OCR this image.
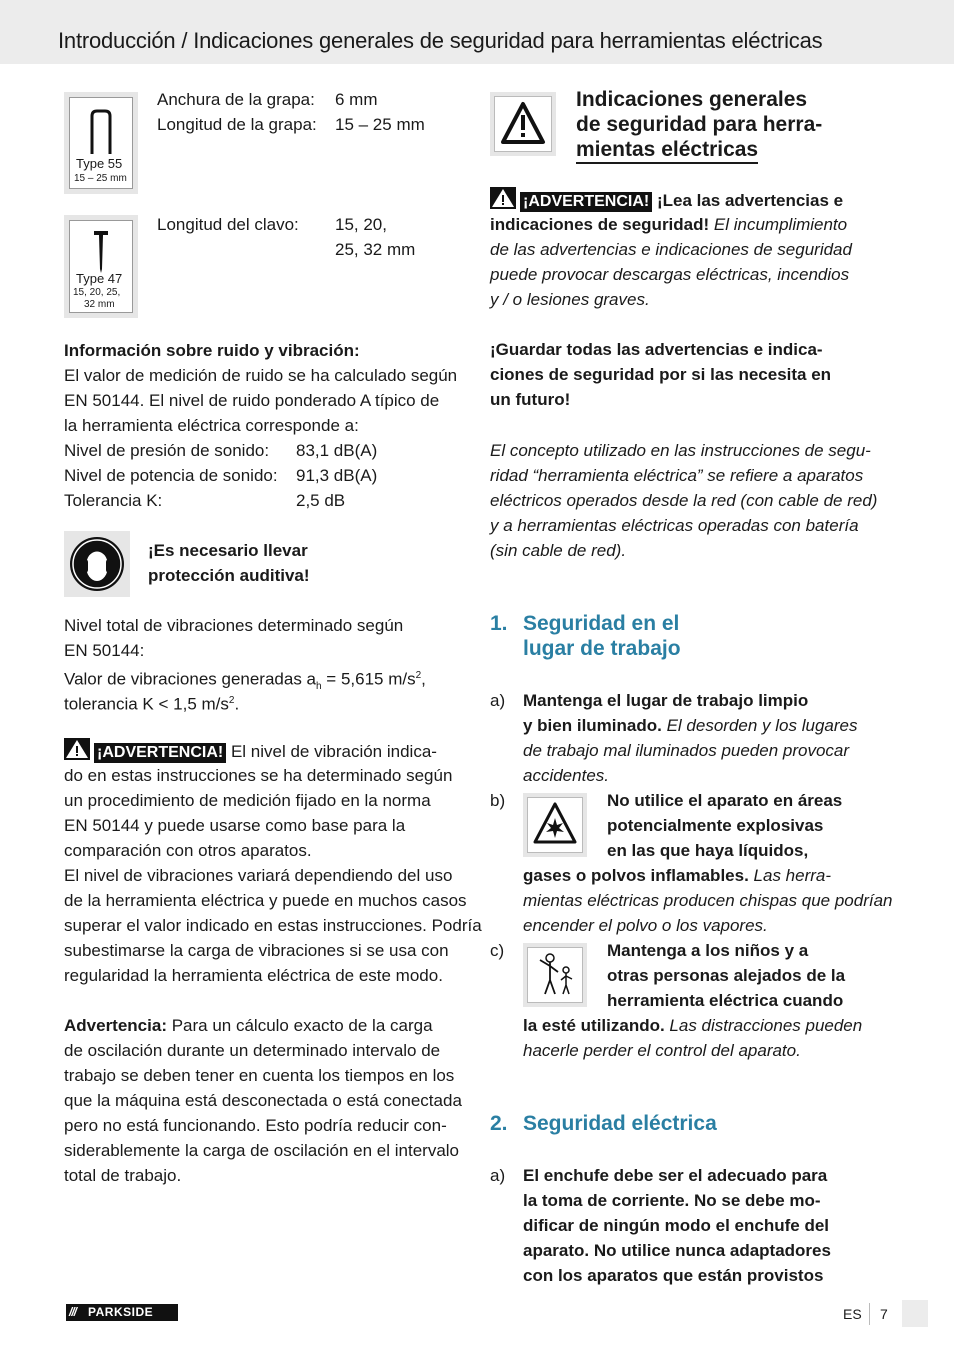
Introducción / Indicaciones generales de seguridad para herramientas eléctricas
Type 55
15 – 25 mm
Anchura de la grapa: 6 mm
Longitud de la grapa: 15 – 25 mm
Type 47
15, 20, 25,
32 mm
Longitud del clavo: 15, 20,
25, 32 mm
Información sobre ruido y vibración:
El valor de medición de ruido se ha calculado según
EN 50144. El nivel de ruido ponderado A típico de
la herramienta eléctrica corresponde a:
Nivel de presión de sonido: 83,1 dB(A)
Nivel de potencia de sonido: 91,3 dB(A)
Tolerancia K:	2,5 dB
¡Es necesario llevar
protección auditiva!
Nivel total de vibraciones determinado según
EN 50144:
Valor de vibraciones generadas $a_h = 5,615$ $m/s^2$,
tolerancia K < 1,5 $m/s^2$.
¡ADVERTENCIA! El nivel de vibración indica-
do en estas instrucciones se ha determinado según
un procedimiento de medición fijado en la norma
EN 50144 y puede usarse como base para la
comparación con otros aparatos.
El nivel de vibraciones variará dependiendo del uso
de la herramienta eléctrica y puede en muchos casos
superar el valor indicado en estas instrucciones. Podría
subestimarse la carga de vibraciones si se usa con
regularidad la herramienta eléctrica de este modo.
Advertencia: Para un cálculo exacto de la carga
de oscilación durante un determinado intervalo de
trabajo se deben tener en cuenta los tiempos en los
que la máquina está desconectada o está conectada
pero no está funcionando. Esto podría reducir con-
siderablemente la carga de oscilación en el intervalo
total de trabajo.
Indicaciones generales
de seguridad para herra-
mientas eléctricas
¡ADVERTENCIA! ¡Lea las advertencias e
indicaciones de seguridad! El incumplimiento
de las advertencias e indicaciones de seguridad
puede provocar descargas eléctricas, incendios
y / o lesiones graves.
¡Guardar todas las advertencias e indica-
ciones de seguridad por si las necesita en
un futuro!
El concepto utilizado en las instrucciones de segu-
ridad “herramienta eléctrica” se refiere a aparatos
eléctricos operados desde la red (con cable de red)
y a herramientas eléctricas operadas con batería
(sin cable de red).
1. Seguridad en el
lugar de trabajo
a) Mantenga el lugar de trabajo limpio
y bien iluminado. El desorden y los lugares
de trabajo mal iluminados pueden provocar
accidentes.
b)	No utilice el aparato en áreas
potencialmente explosivas
en las que haya líquidos,
gases o polvos inflamables. Las herra-
mientas eléctricas producen chispas que podrían
encender el polvo o los vapores.
c)	Mantenga a los niños y a
otras personas alejados de la
herramienta eléctrica cuando
la esté utilizando. Las distracciones pueden
hacerle perder el control del aparato.
2. Seguridad eléctrica
a) El enchufe debe ser el adecuado para
la toma de corriente. No se debe mo-
dificar de ningún modo el enchufe del
aparato. No utilice nunca adaptadores
con los aparatos que están provistos
/// PARKSIDE	ES 7
